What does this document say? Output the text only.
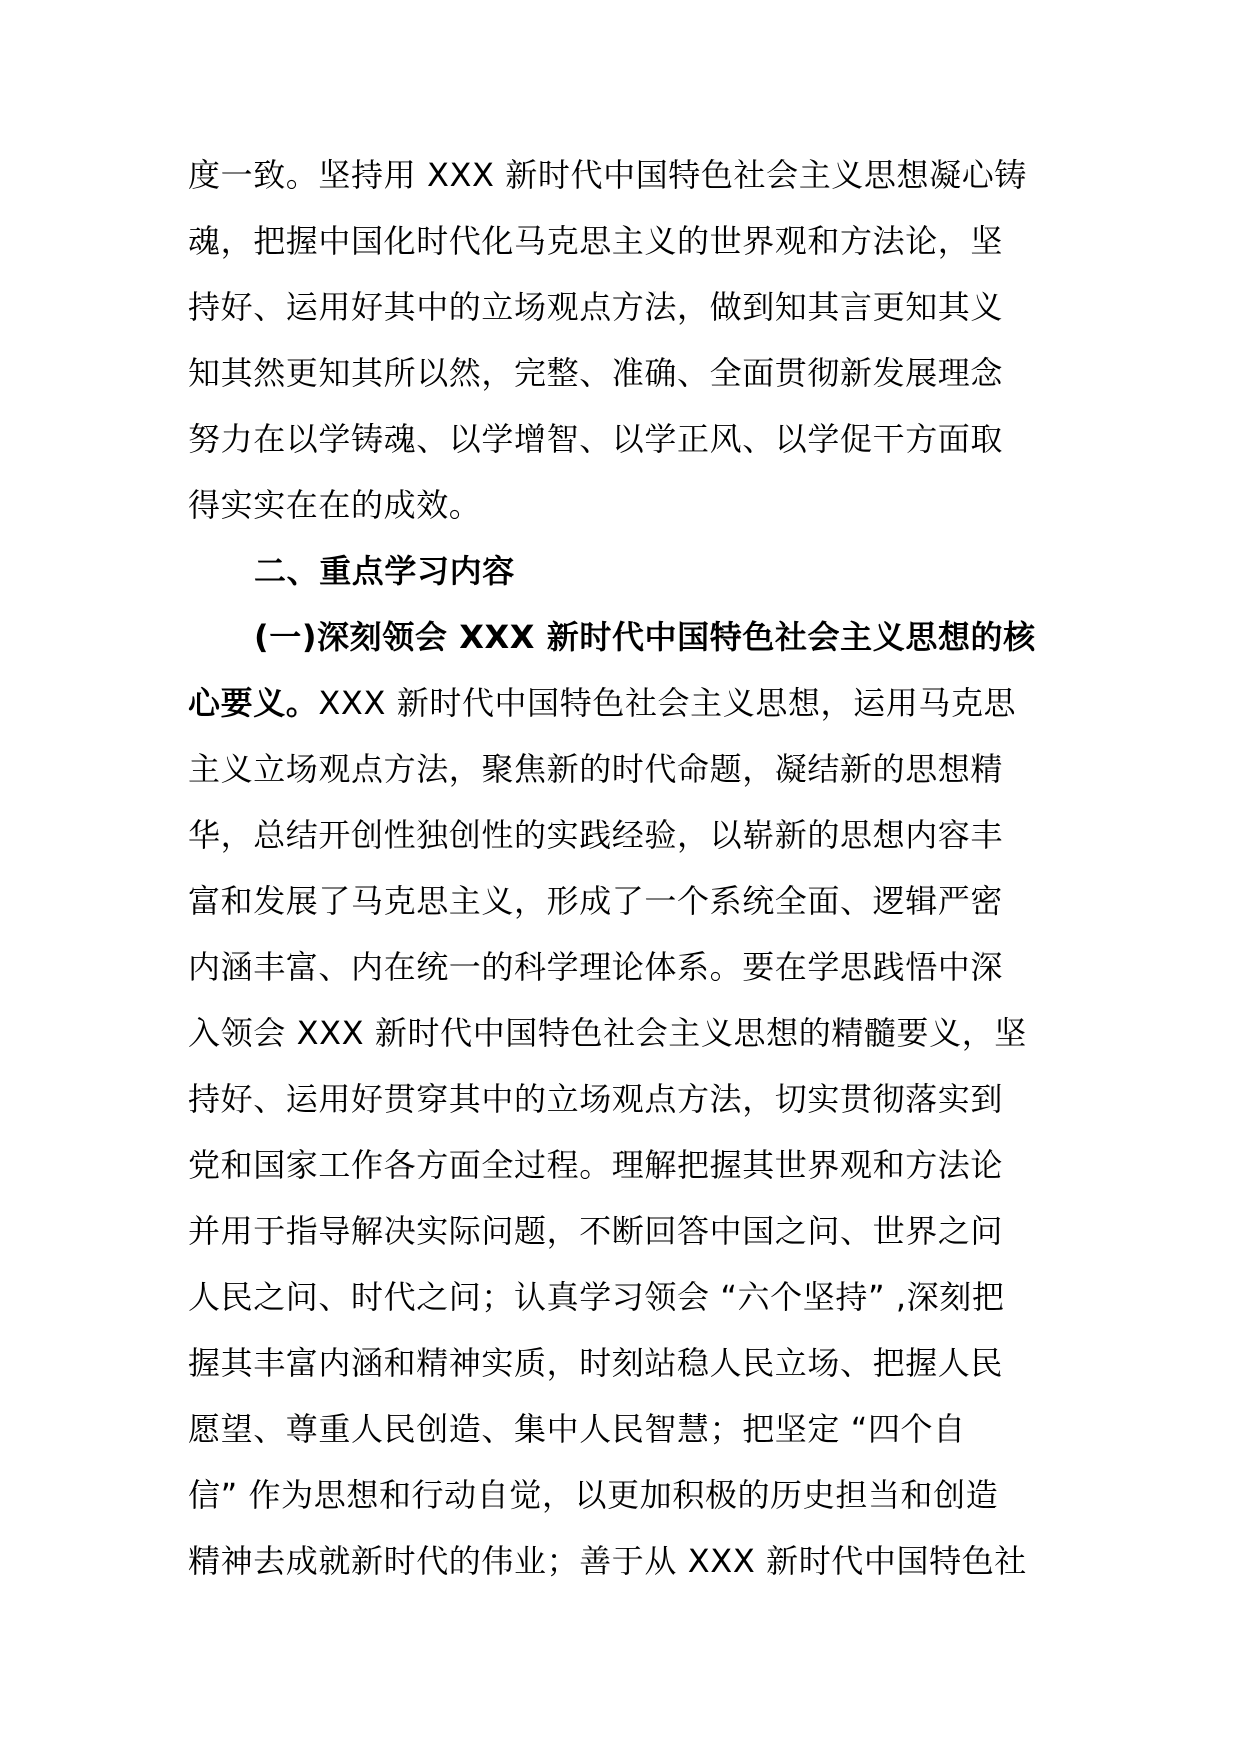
度一致。坚持用 XXX 新时代中国特色社会主义思想凝心铸
魂，把握中国化时代化马克思主义的世界观和方法论，坚
持好、运用好其中的立场观点方法，做到知其言更知其义
知其然更知其所以然，完整、准确、全面贯彻新发展理念
努力在以学铸魂、以学增智、以学正风、以学促干方面取
得实实在在的成效。
二、重点学习内容
(一)深刻领会 XXX 新时代中国特色社会主义思想的核
心要义。XXX 新时代中国特色社会主义思想，运用马克思
主义立场观点方法，聚焦新的时代命题，凝结新的思想精
华，总结开创性独创性的实践经验，以崭新的思想内容丰
富和发展了马克思主义，形成了一个系统全面、逻辑严密
内涵丰富、内在统一的科学理论体系。要在学思践悟中深
入领会 XXX 新时代中国特色社会主义思想的精髓要义，坚
持好、运用好贯穿其中的立场观点方法，切实贯彻落实到
党和国家工作各方面全过程。理解把握其世界观和方法论
并用于指导解决实际问题，不断回答中国之问、世界之问
人民之问、时代之问；认真学习领会 “六个坚持” ,深刻把
握其丰富内涵和精神实质，时刻站稳人民立场、把握人民
愿望、尊重人民创造、集中人民智慧；把坚定 “四个自
信” 作为思想和行动自觉，以更加积极的历史担当和创造
精神去成就新时代的伟业；善于从 XXX 新时代中国特色社
